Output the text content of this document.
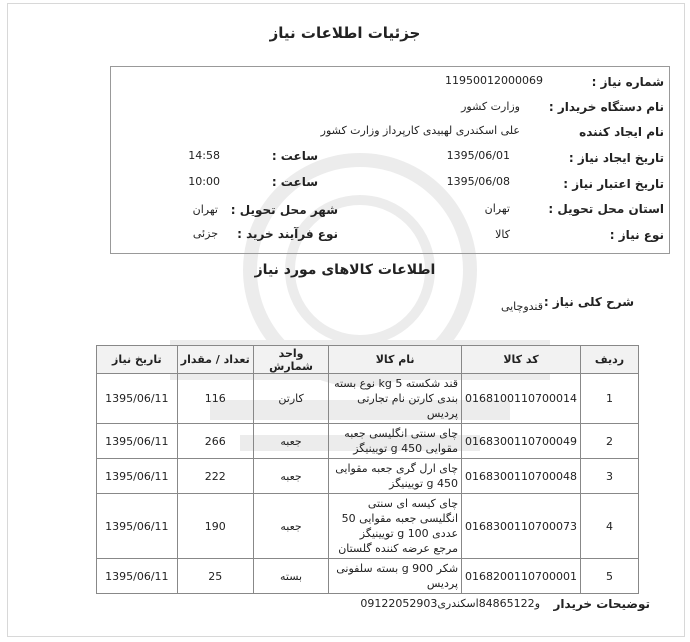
جزئیات اطلاعات نیاز
شماره نیاز :
11950012000069
نام دستگاه خریدار :
وزارت کشور
نام ایجاد کننده
علی اسکندری لهبیدی کارپرداز وزارت کشور
تاریخ ایجاد نیاز :
1395/06/01
ساعت :
14:58
تاریخ اعتبار نیاز :
1395/06/08
ساعت :
10:00
استان محل تحویل :
تهران
شهر محل تحویل :
تهران
نوع نیاز :
کالا
نوع فرآیند خرید :
جزئی
اطلاعات کالاهای مورد نیاز
شرح کلی نیاز :
قندوچایی
ردیف	کد کالا	نام کالا	واحد شمارش	تعداد / مقدار	تاریخ نیاز
1	0168100110700014	قند شکسته 5 kg نوع بسته بندی کارتن نام تجارتی پردیس	کارتن	116	1395/06/11
2	0168300110700049	چای سنتی انگلیسی جعبه مقوایی 450 g تویینیگز	جعبه	266	1395/06/11
3	0168300110700048	چای ارل گری جعبه مقوایی 450 g تویینیگز	جعبه	222	1395/06/11
4	0168300110700073	چای کیسه ای سنتی انگلیسی جعبه مقوایی 50 عددی 100 g تویینیگز مرجع عرضه کننده گلستان	جعبه	190	1395/06/11
5	0168200110700001	شکر 900 g بسته سلفونی پردیس	بسته	25	1395/06/11
توضیحات خریدار
09122052903و84865122اسکندری
